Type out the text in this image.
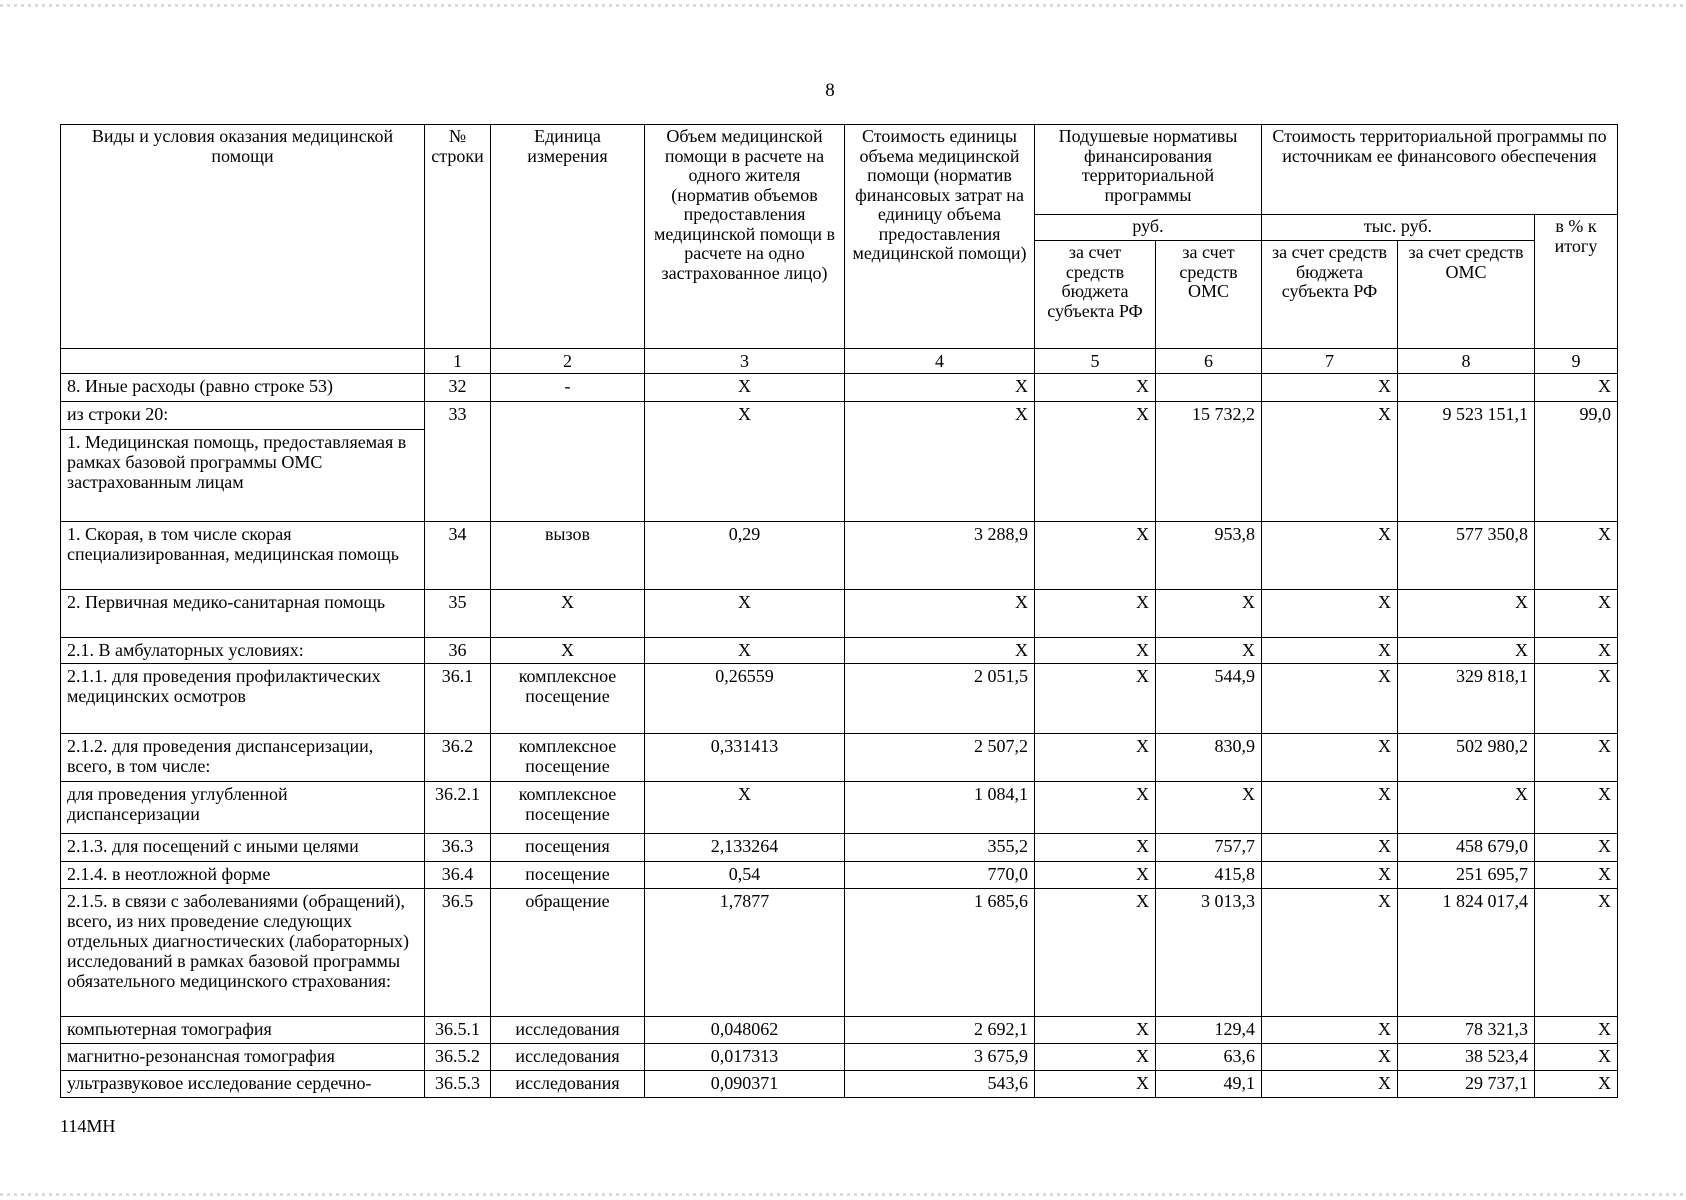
8
Виды и условия оказания медицинской помощи	№ строки	Единица измерения	Объем медицинской помощи в расчете на одного жителя (норматив объемов предоставления медицинской помощи в расчете на одно застрахованное лицо)	Стоимость единицы объема медицинской помощи (норматив финансовых затрат на единицу объема предоставления медицинской помощи)	Подушевые нормативы финансирования территориальной программы		Стоимость территориальной программы по источникам ее финансового обеспечения		
					руб.		тыс. руб.		в % к итогу
					за счет средств бюджета субъекта РФ	за счет средств ОМС	за счет средств бюджета субъекта РФ	за счет средств ОМС	
	1	2	3	4	5	6	7	8	9
8. Иные расходы (равно строке 53)	32	-	X	X	X		X		X
из строки 20:	33		X	X	X	15 732,2	X	9 523 151,1	99,0
1. Медицинская помощь, предоставляемая в рамках базовой программы ОМС застрахованным лицам									
1. Скорая, в том числе скорая специализированная, медицинская помощь	34	вызов	0,29	3 288,9	X	953,8	X	577 350,8	X
2. Первичная медико-санитарная помощь	35	X	X	X	X	X	X	X	X
2.1. В амбулаторных условиях:	36	X	X	X	X	X	X	X	X
2.1.1. для проведения профилактических медицинских осмотров	36.1	комплексное посещение	0,26559	2 051,5	X	544,9	X	329 818,1	X
2.1.2. для проведения диспансеризации, всего, в том числе:	36.2	комплексное посещение	0,331413	2 507,2	X	830,9	X	502 980,2	X
для проведения углубленной диспансеризации	36.2.1	комплексное посещение	X	1 084,1	X	X	X	X	X
2.1.3. для посещений с иными целями	36.3	посещения	2,133264	355,2	X	757,7	X	458 679,0	X
2.1.4. в неотложной форме	36.4	посещение	0,54	770,0	X	415,8	X	251 695,7	X
2.1.5. в связи с заболеваниями (обращений), всего, из них проведение следующих отдельных диагностических (лабораторных) исследований в рамках базовой программы обязательного медицинского страхования:	36.5	обращение	1,7877	1 685,6	X	3 013,3	X	1 824 017,4	X
компьютерная томография	36.5.1	исследования	0,048062	2 692,1	X	129,4	X	78 321,3	X
магнитно-резонансная томография	36.5.2	исследования	0,017313	3 675,9	X	63,6	X	38 523,4	X
ультразвуковое исследование сердечно-	36.5.3	исследования	0,090371	543,6	X	49,1	X	29 737,1	X
114МН
